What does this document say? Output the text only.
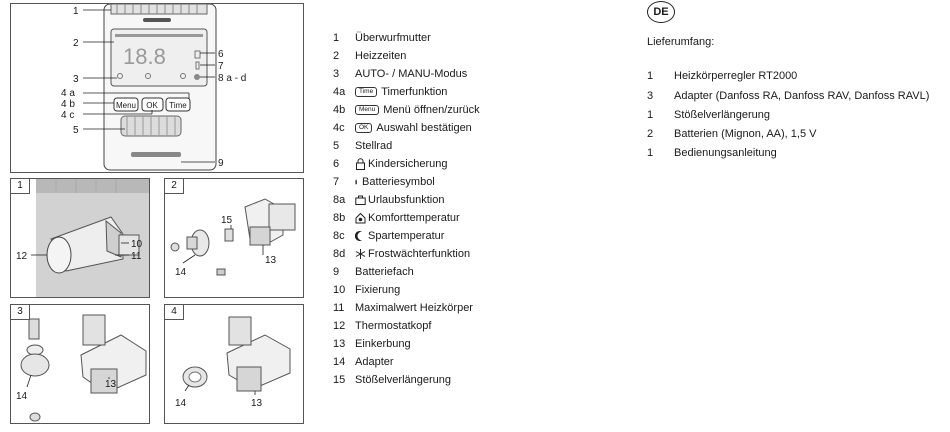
18.8
Menu OK Time
1
2
3
4 a
4 b
4 c
5
6
7
8 a - d
9
1
10
11
12
2
13
14
15
3
13
14
4
13
14
1	Überwurfmutter
2	Heizzeiten
3	AUTO- / MANU-Modus
4a	Time Timerfunktion
4b	Menu Menü öffnen/zurück
4c	OK Auswahl bestätigen
5	Stellrad
6	Kindersicherung
7	Batteriesymbol
8a	Urlaubsfunktion
8b	Komforttemperatur
8c	Spartemperatur
8d	Frostwächterfunktion
9	Batteriefach
10 Fixierung
11 Maximalwert Heizkörper
12 Thermostatkopf
13 Einkerbung
14 Adapter
15 Stößelverlängerung
DE
Lieferumfang:
1 Heizkörperregler RT2000
3 Adapter (Danfoss RA, Danfoss RAV, Danfoss RAVL)
1 Stößelverlängerung
2 Batterien (Mignon, AA), 1,5 V
1 Bedienungsanleitung
